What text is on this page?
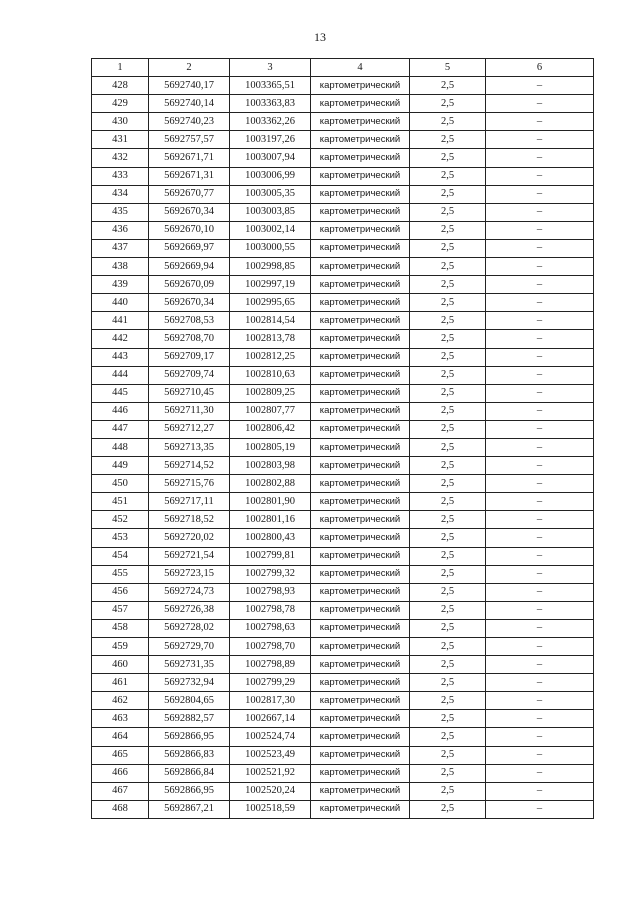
13
1	2	3	4	5	6
428	5692740,17	1003365,51	картометрический	2,5	–
429	5692740,14	1003363,83	картометрический	2,5	–
430	5692740,23	1003362,26	картометрический	2,5	–
431	5692757,57	1003197,26	картометрический	2,5	–
432	5692671,71	1003007,94	картометрический	2,5	–
433	5692671,31	1003006,99	картометрический	2,5	–
434	5692670,77	1003005,35	картометрический	2,5	–
435	5692670,34	1003003,85	картометрический	2,5	–
436	5692670,10	1003002,14	картометрический	2,5	–
437	5692669,97	1003000,55	картометрический	2,5	–
438	5692669,94	1002998,85	картометрический	2,5	–
439	5692670,09	1002997,19	картометрический	2,5	–
440	5692670,34	1002995,65	картометрический	2,5	–
441	5692708,53	1002814,54	картометрический	2,5	–
442	5692708,70	1002813,78	картометрический	2,5	–
443	5692709,17	1002812,25	картометрический	2,5	–
444	5692709,74	1002810,63	картометрический	2,5	–
445	5692710,45	1002809,25	картометрический	2,5	–
446	5692711,30	1002807,77	картометрический	2,5	–
447	5692712,27	1002806,42	картометрический	2,5	–
448	5692713,35	1002805,19	картометрический	2,5	–
449	5692714,52	1002803,98	картометрический	2,5	–
450	5692715,76	1002802,88	картометрический	2,5	–
451	5692717,11	1002801,90	картометрический	2,5	–
452	5692718,52	1002801,16	картометрический	2,5	–
453	5692720,02	1002800,43	картометрический	2,5	–
454	5692721,54	1002799,81	картометрический	2,5	–
455	5692723,15	1002799,32	картометрический	2,5	–
456	5692724,73	1002798,93	картометрический	2,5	–
457	5692726,38	1002798,78	картометрический	2,5	–
458	5692728,02	1002798,63	картометрический	2,5	–
459	5692729,70	1002798,70	картометрический	2,5	–
460	5692731,35	1002798,89	картометрический	2,5	–
461	5692732,94	1002799,29	картометрический	2,5	–
462	5692804,65	1002817,30	картометрический	2,5	–
463	5692882,57	1002667,14	картометрический	2,5	–
464	5692866,95	1002524,74	картометрический	2,5	–
465	5692866,83	1002523,49	картометрический	2,5	–
466	5692866,84	1002521,92	картометрический	2,5	–
467	5692866,95	1002520,24	картометрический	2,5	–
468	5692867,21	1002518,59	картометрический	2,5	–
